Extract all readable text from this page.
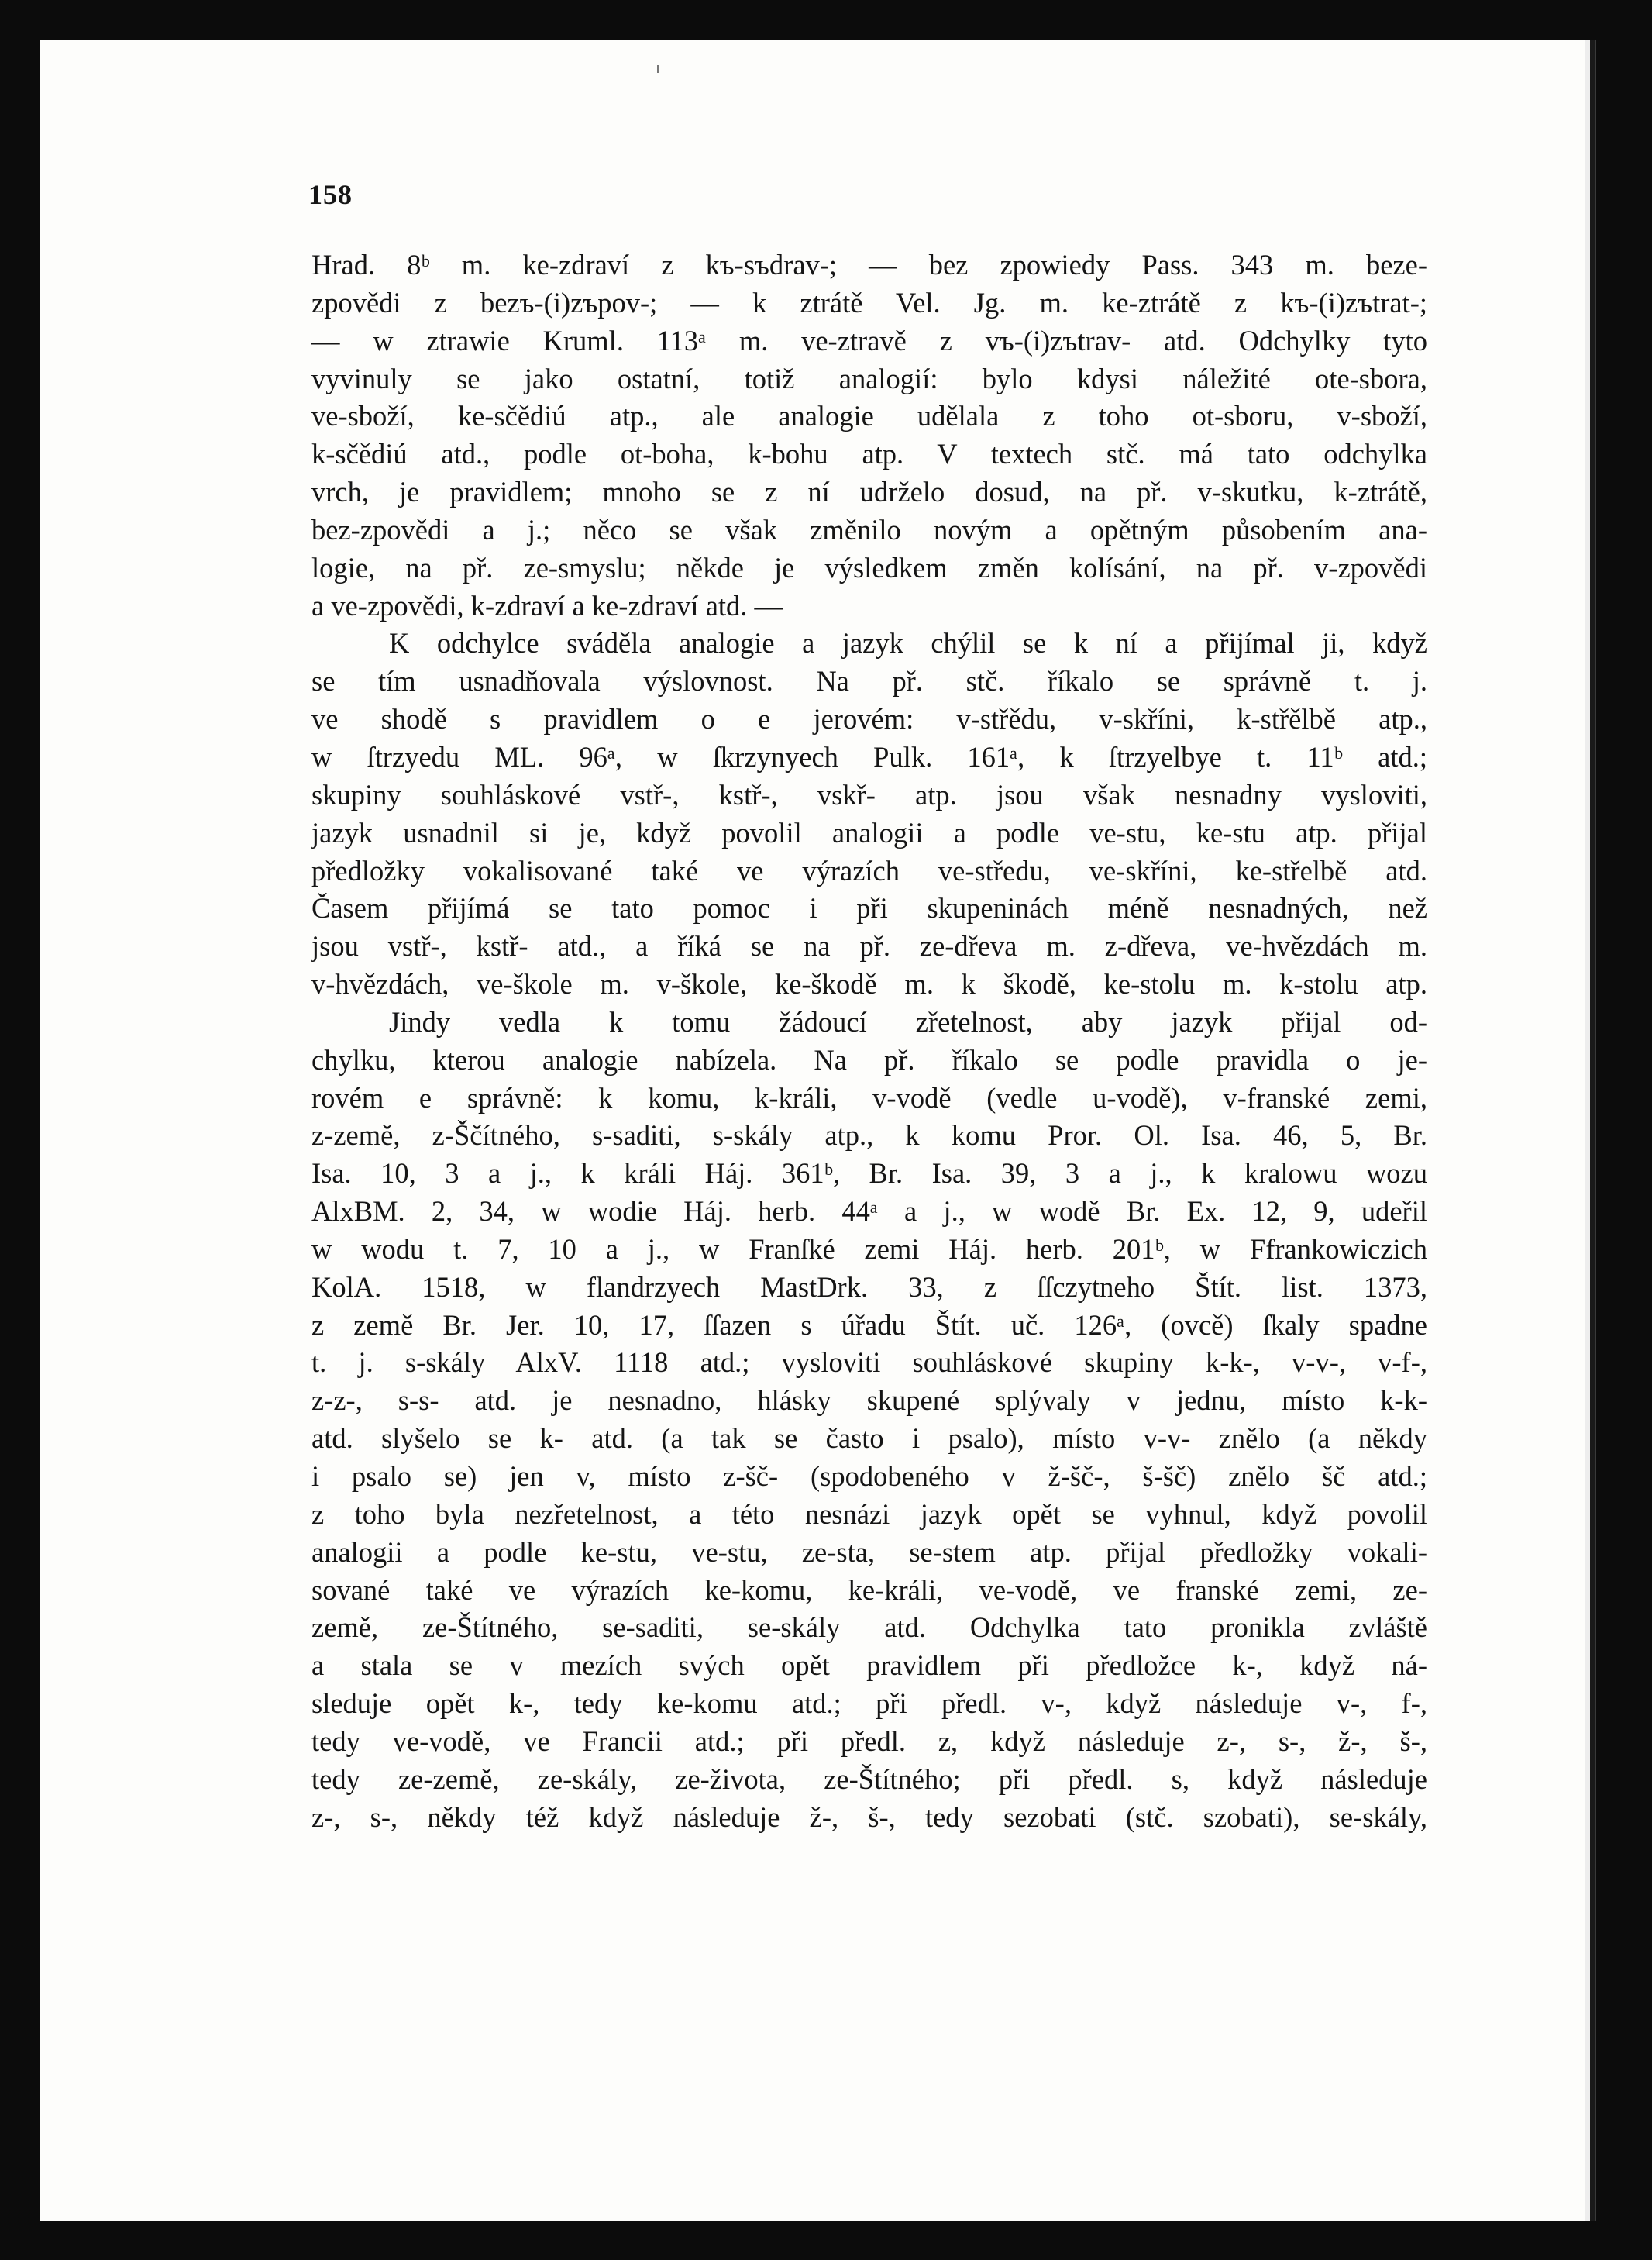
158
Hrad. 8ᵇ m. ke-zdraví z kъ-sъdrav-; — bez zpowiedy Pass. 343 m. beze-
zpovědi z bezъ-(i)zъpov-; — k ztrátě Vel. Jg. m. ke-ztrátě z kъ-(i)zъtrat-;
— w ztrawie Kruml. 113ᵃ m. ve-ztravě z vъ-(i)zъtrav- atd. Odchylky tyto
vyvinuly se jako ostatní, totiž analogií: bylo kdysi náležité ote-sbora,
ve-sboží, ke-sčědiú atp., ale analogie udělala z toho ot-sboru, v-sboží,
k-sčědiú atd., podle ot-boha, k-bohu atp. V textech stč. má tato odchylka
vrch, je pravidlem; mnoho se z ní udrželo dosud, na př. v-skutku, k-ztrátě,
bez-zpovědi a j.; něco se však změnilo novým a opětným působením ana-
logie, na př. ze-smyslu; někde je výsledkem změn kolísání, na př. v-zpovědi
a ve-zpovědi, k-zdraví a ke-zdraví atd. —
K odchylce sváděla analogie a jazyk chýlil se k ní a přijímal ji, když
se tím usnadňovala výslovnost. Na př. stč. říkalo se správně t. j.
ve shodě s pravidlem o e jerovém: v-střědu, v-skříni, k-střělbě atp.,
w ſtrzyedu ML. 96ᵃ, w ſkrzynyech Pulk. 161ᵃ, k ſtrzyelbye t. 11ᵇ atd.;
skupiny souhláskové vstř-, kstř-, vskř- atp. jsou však nesnadny vysloviti,
jazyk usnadnil si je, když povolil analogii a podle ve-stu, ke-stu atp. přijal
předložky vokalisované také ve výrazích ve-středu, ve-skříni, ke-střelbě atd.
Časem přijímá se tato pomoc i při skupeninách méně nesnadných, než
jsou vstř-, kstř- atd., a říká se na př. ze-dřeva m. z-dřeva, ve-hvězdách m.
v-hvězdách, ve-škole m. v-škole, ke-škodě m. k škodě, ke-stolu m. k-stolu atp.
Jindy vedla k tomu žádoucí zřetelnost, aby jazyk přijal od-
chylku, kterou analogie nabízela. Na př. říkalo se podle pravidla o je-
rovém e správně: k komu, k-králi, v-vodě (vedle u-vodě), v-franské zemi,
z-země, z-Ščítného, s-saditi, s-skály atp., k komu Pror. Ol. Isa. 46, 5, Br.
Isa. 10, 3 a j., k králi Háj. 361ᵇ, Br. Isa. 39, 3 a j., k kralowu wozu
AlxBM. 2, 34, w wodie Háj. herb. 44ᵃ a j., w wodě Br. Ex. 12, 9, udeřil
w wodu t. 7, 10 a j., w Franſké zemi Háj. herb. 201ᵇ, w Ffrankowiczich
KolA. 1518, w flandrzyech MastDrk. 33, z ſſczytneho Štít. list. 1373,
z země Br. Jer. 10, 17, ſſazen s úřadu Štít. uč. 126ᵃ, (ovcě) ſkaly spadne
t. j. s-skály AlxV. 1118 atd.; vysloviti souhláskové skupiny k-k-, v-v-, v-f-,
z-z-, s-s- atd. je nesnadno, hlásky skupené splývaly v jednu, místo k-k-
atd. slyšelo se k- atd. (a tak se často i psalo), místo v-v- znělo (a někdy
i psalo se) jen v, místo z-šč- (spodobeného v ž-šč-, š-šč) znělo šč atd.;
z toho byla nezřetelnost, a této nesnázi jazyk opět se vyhnul, když povolil
analogii a podle ke-stu, ve-stu, ze-sta, se-stem atp. přijal předložky vokali-
sované také ve výrazích ke-komu, ke-králi, ve-vodě, ve franské zemi, ze-
země, ze-Štítného, se-saditi, se-skály atd. Odchylka tato pronikla zvláště
a stala se v mezích svých opět pravidlem při předložce k-, když ná-
sleduje opět k-, tedy ke-komu atd.; při předl. v-, když následuje v-, f-,
tedy ve-vodě, ve Francii atd.; při předl. z, když následuje z-, s-, ž-, š-,
tedy ze-země, ze-skály, ze-života, ze-Štítného; při předl. s, když následuje
z-, s-, někdy též když následuje ž-, š-, tedy sezobati (stč. szobati), se-skály,
